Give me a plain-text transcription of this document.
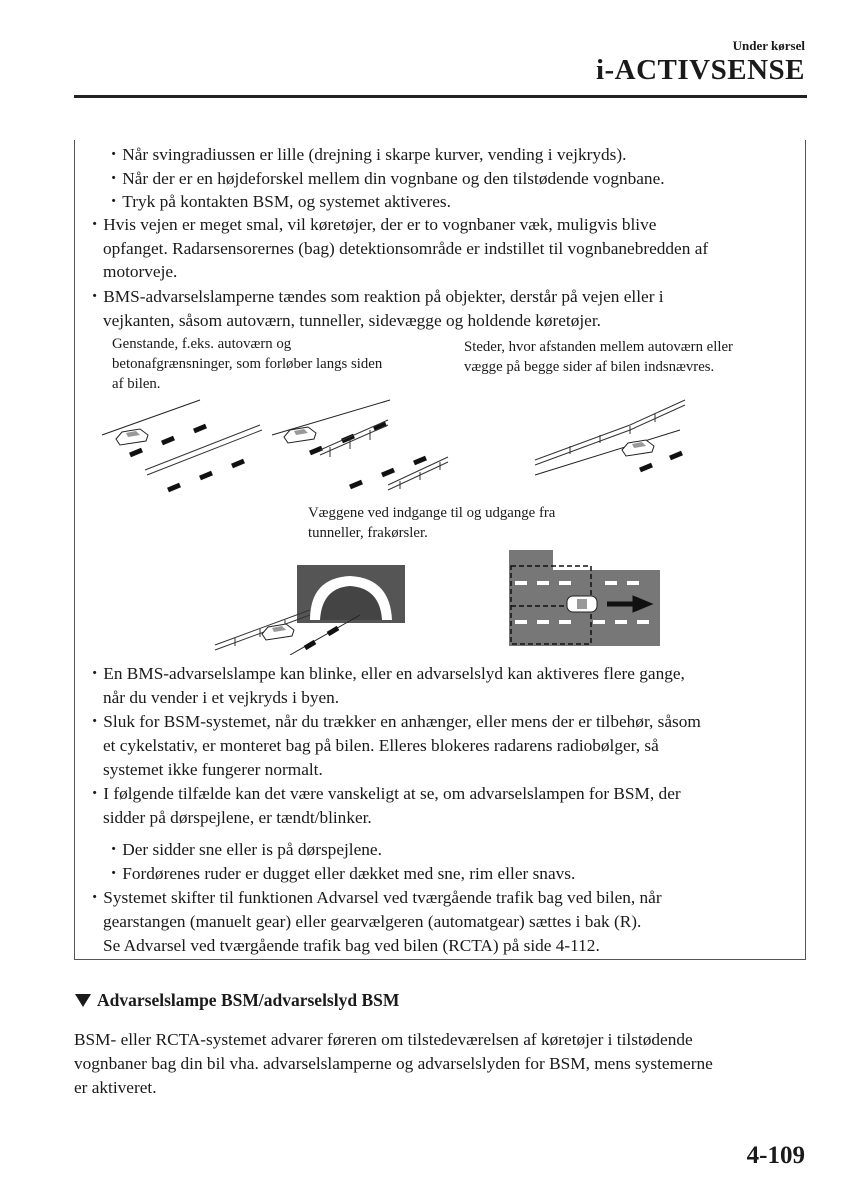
Under kørsel
i-ACTIVSENSE
・Når svingradiussen er lille (drejning i skarpe kurver, vending i vejkryds).
・Når der er en højdeforskel mellem din vognbane og den tilstødende vognbane.
・Tryk på kontakten BSM, og systemet aktiveres.
・Hvis vejen er meget smal, vil køretøjer, der er to vognbaner væk, muligvis blive
opfanget. Radarsensorernes (bag) detektionsområde er indstillet til vognbanebredden af
motorveje.
・BMS-advarselslamperne tændes som reaktion på objekter, derstår på vejen eller i
vejkanten, såsom autoværn, tunneller, sidevægge og holdende køretøjer.
Genstande, f.eks. autoværn og
betonafgrænsninger, som forløber langs siden
af bilen.
Steder, hvor afstanden mellem autoværn eller
vægge på begge sider af bilen indsnævres.
Væggene ved indgange til og udgange fra
tunneller, frakørsler.
・En BMS-advarselslampe kan blinke, eller en advarselslyd kan aktiveres flere gange,
når du vender i et vejkryds i byen.
・Sluk for BSM-systemet, når du trækker en anhænger, eller mens der er tilbehør, såsom
et cykelstativ, er monteret bag på bilen. Elleres blokeres radarens radiobølger, så
systemet ikke fungerer normalt.
・I følgende tilfælde kan det være vanskeligt at se, om advarselslampen for BSM, der
sidder på dørspejlene, er tændt/blinker.
・Der sidder sne eller is på dørspejlene.
・Fordørenes ruder er dugget eller dækket med sne, rim eller snavs.
・Systemet skifter til funktionen Advarsel ved tværgående trafik bag ved bilen, når
gearstangen (manuelt gear) eller gearvælgeren (automatgear) sættes i bak (R).
Se Advarsel ved tværgående trafik bag ved bilen (RCTA) på side 4-112.
Advarselslampe BSM/advarselslyd BSM
BSM- eller RCTA-systemet advarer føreren om tilstedeværelsen af køretøjer i tilstødende
vognbaner bag din bil vha. advarselslamperne og advarselslyden for BSM, mens systemerne
er aktiveret.
4-109
